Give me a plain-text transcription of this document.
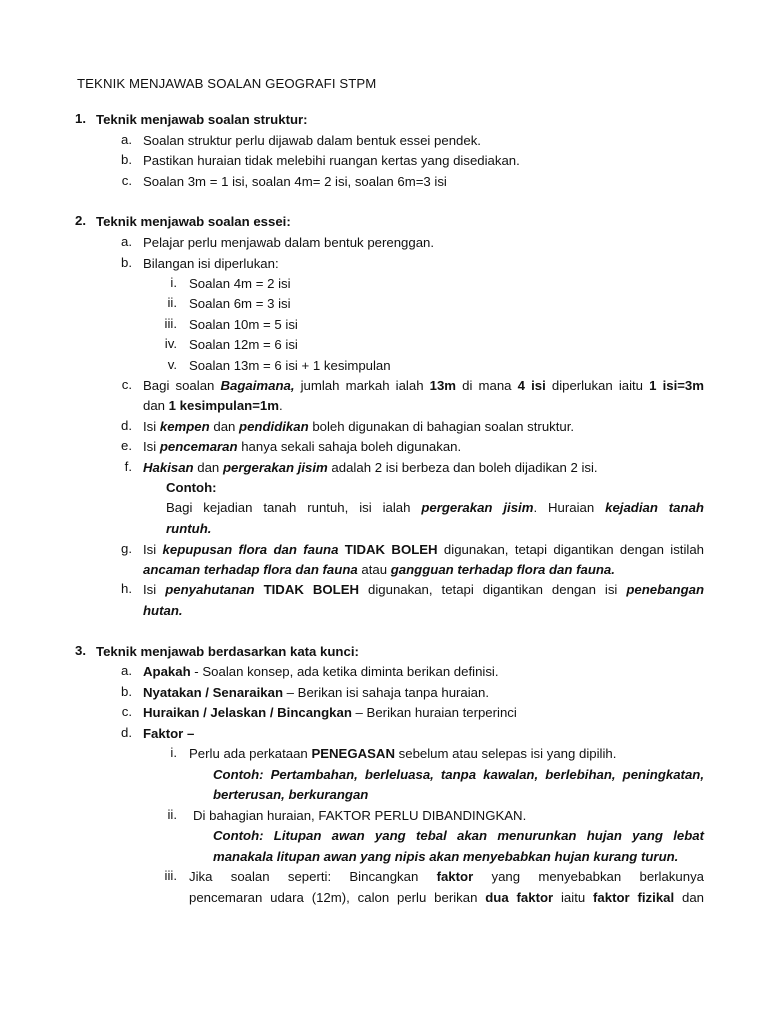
TEKNIK MENJAWAB SOALAN GEOGRAFI STPM
1. Teknik menjawab soalan struktur:
a. Soalan struktur perlu dijawab dalam bentuk essei pendek.
b. Pastikan huraian tidak melebihi ruangan kertas yang disediakan.
c. Soalan 3m = 1 isi, soalan 4m= 2 isi, soalan 6m=3 isi
2. Teknik menjawab soalan essei:
a. Pelajar perlu menjawab dalam bentuk perenggan.
b. Bilangan isi diperlukan:
i. Soalan 4m = 2 isi
ii. Soalan 6m = 3 isi
iii. Soalan 10m = 5 isi
iv. Soalan 12m = 6 isi
v. Soalan 13m = 6 isi + 1 kesimpulan
c. Bagi soalan Bagaimana, jumlah markah ialah 13m di mana 4 isi diperlukan iaitu 1 isi=3m
dan 1 kesimpulan=1m.
d. Isi kempen dan pendidikan boleh digunakan di bahagian soalan struktur.
e. Isi pencemaran hanya sekali sahaja boleh digunakan.
f. Hakisan dan pergerakan jisim adalah 2 isi berbeza dan boleh dijadikan 2 isi.
Contoh:
Bagi kejadian tanah runtuh, isi ialah pergerakan jisim. Huraian kejadian tanah
runtuh.
g. Isi kepupusan flora dan fauna TIDAK BOLEH digunakan, tetapi digantikan dengan istilah
ancaman terhadap flora dan fauna atau gangguan terhadap flora dan fauna.
h. Isi penyahutanan TIDAK BOLEH digunakan, tetapi digantikan dengan isi penebangan
hutan.
3. Teknik menjawab berdasarkan kata kunci:
a. Apakah - Soalan konsep, ada ketika diminta berikan definisi.
b. Nyatakan / Senaraikan – Berikan isi sahaja tanpa huraian.
c. Huraikan / Jelaskan / Bincangkan – Berikan huraian terperinci
d. Faktor –
i. Perlu ada perkataan PENEGASAN sebelum atau selepas isi yang dipilih.
Contoh: Pertambahan, berleluasa, tanpa kawalan, berlebihan, peningkatan,
berterusan, berkurangan
ii. Di bahagian huraian, FAKTOR PERLU DIBANDINGKAN.
Contoh: Litupan awan yang tebal akan menurunkan hujan yang lebat
manakala litupan awan yang nipis akan menyebabkan hujan kurang turun.
iii. Jika soalan seperti: Bincangkan faktor yang menyebabkan berlakunya
pencemaran udara (12m), calon perlu berikan dua faktor iaitu faktor fizikal dan
